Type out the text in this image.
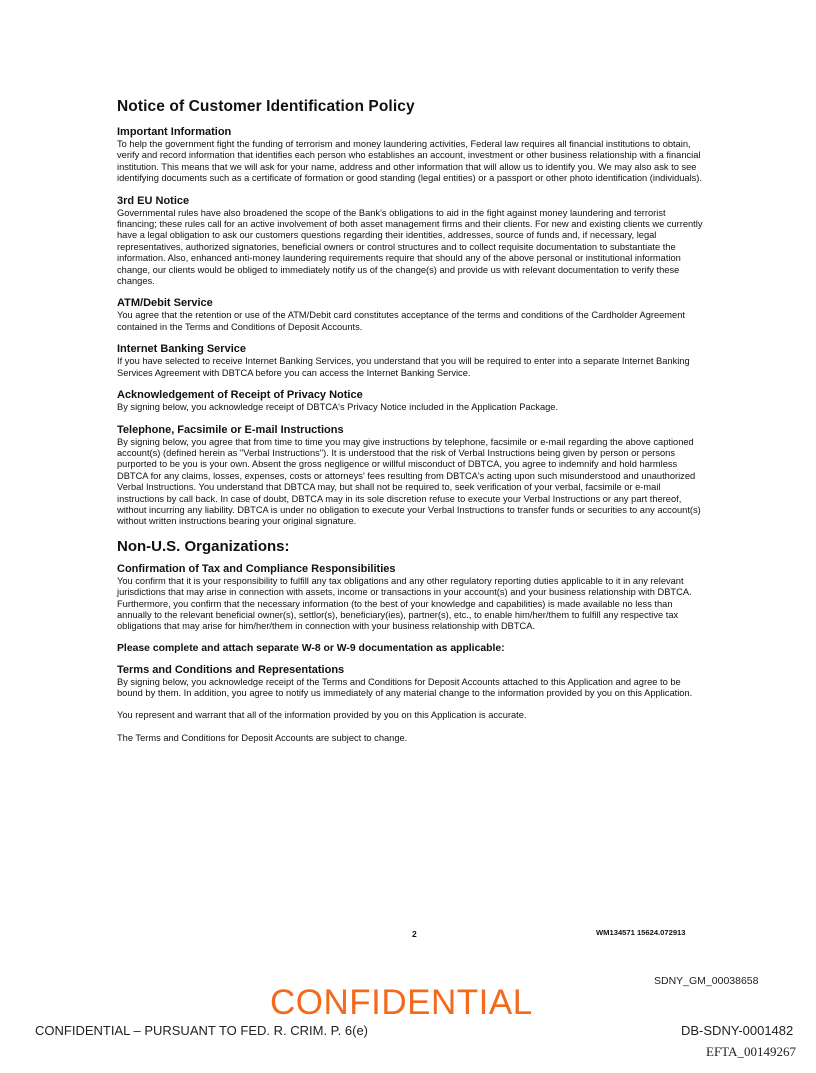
Notice of Customer Identification Policy
Important Information

To help the government fight the funding of terrorism and money laundering activities, Federal law requires all financial institutions to obtain, verify and record information that identifies each person who establishes an account, investment or other business relationship with a financial institution. This means that we will ask for your name, address and other information that will allow us to identify you. We may also ask to see identifying documents such as a certificate of formation or good standing (legal entities) or a passport or other photo identification (individuals).

3rd EU Notice

Governmental rules have also broadened the scope of the Bank's obligations to aid in the fight against money laundering and terrorist financing; these rules call for an active involvement of both asset management firms and their clients. For new and existing clients we currently have a legal obligation to ask our customers questions regarding their identities, addresses, source of funds and, if necessary, legal representatives, authorized signatories, beneficial owners or control structures and to collect requisite documentation to substantiate the information. Also, enhanced anti-money laundering requirements require that should any of the above personal or institutional information change, our clients would be obliged to immediately notify us of the change(s) and provide us with relevant documentation to verify these changes.

ATM/Debit Service

You agree that the retention or use of the ATM/Debit card constitutes acceptance of the terms and conditions of the Cardholder Agreement contained in the Terms and Conditions of Deposit Accounts.

Internet Banking Service

If you have selected to receive Internet Banking Services, you understand that you will be required to enter into a separate Internet Banking Services Agreement with DBTCA before you can access the Internet Banking Service.

Acknowledgement of Receipt of Privacy Notice

By signing below, you acknowledge receipt of DBTCA's Privacy Notice included in the Application Package.

Telephone, Facsimile or E-mail Instructions

By signing below, you agree that from time to time you may give instructions by telephone, facsimile or e-mail regarding the above captioned account(s) (defined herein as "Verbal Instructions"). It is understood that the risk of Verbal Instructions being given by person or persons purported to be you is your own. Absent the gross negligence or willful misconduct of DBTCA, you agree to indemnify and hold harmless DBTCA for any claims, losses, expenses, costs or attorneys' fees resulting from DBTCA's acting upon such misunderstood and unauthorized Verbal Instructions. You understand that DBTCA may, but shall not be required to, seek verification of your verbal, facsimile or e-mail instructions by call back. In case of doubt, DBTCA may in its sole discretion refuse to execute your Verbal Instructions or any part thereof, without incurring any liability. DBTCA is under no obligation to execute your Verbal Instructions to transfer funds or securities to any account(s) without written instructions bearing your original signature.

Non-U.S. Organizations:
Confirmation of Tax and Compliance Responsibilities

You confirm that it is your responsibility to fulfill any tax obligations and any other regulatory reporting duties applicable to it in any relevant jurisdictions that may arise in connection with assets, income or transactions in your account(s) and your business relationship with DBTCA. Furthermore, you confirm that the necessary information (to the best of your knowledge and capabilities) is made available no less than annually to the relevant beneficial owner(s), settlor(s), beneficiary(ies), partner(s), etc., to enable him/her/them to fulfill any respective tax obligations that may arise for him/her/them in connection with your business relationship with DBTCA.

Please complete and attach separate W-8 or W-9 documentation as applicable:

Terms and Conditions and Representations

By signing below, you acknowledge receipt of the Terms and Conditions for Deposit Accounts attached to this Application and agree to be bound by them. In addition, you agree to notify us immediately of any material change to the information provided by you on this Application.

You represent and warrant that all of the information provided by you on this Application is accurate.

The Terms and Conditions for Deposit Accounts are subject to change.

2	WM134571 15624.072913
SDNY_GM_00038658
CONFIDENTIAL
CONFIDENTIAL – PURSUANT TO FED. R. CRIM. P. 6(e)	DB-SDNY-0001482
EFTA_00149267
